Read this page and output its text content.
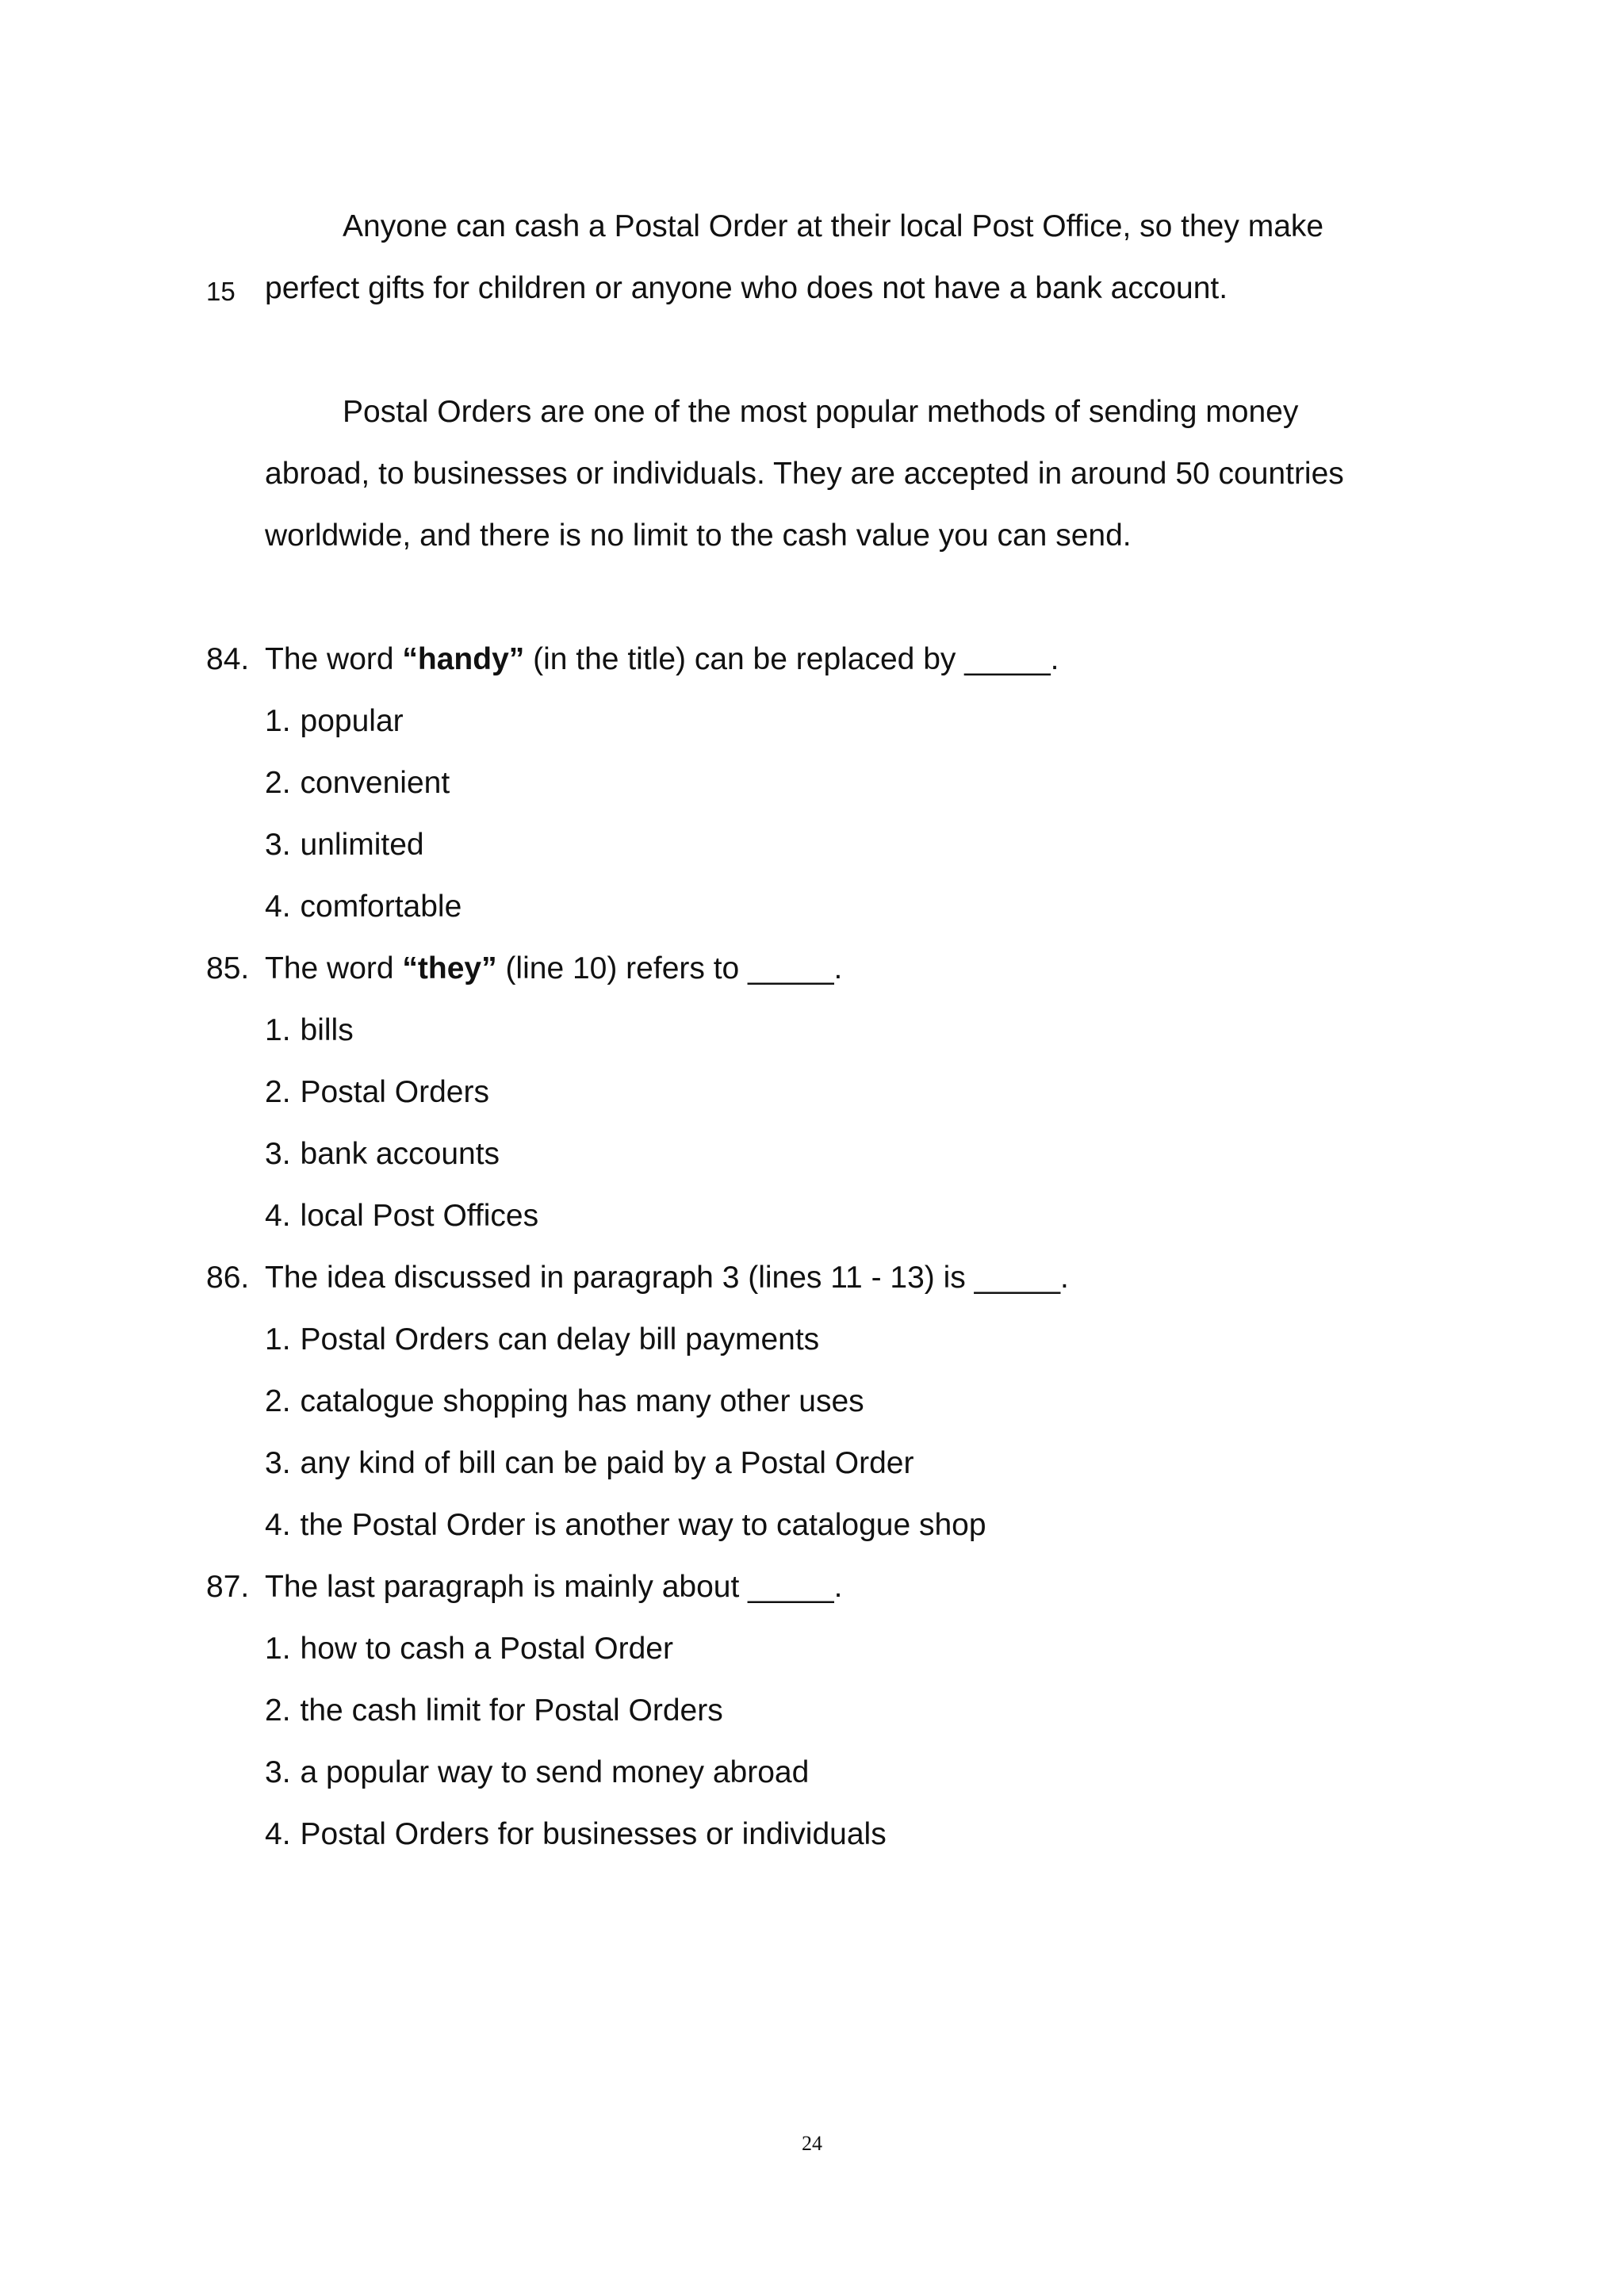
Anyone can cash a Postal Order at their local Post Office, so they make
15 perfect gifts for children or anyone who does not have a bank account.
Postal Orders are one of the most popular methods of sending money
abroad, to businesses or individuals. They are accepted in around 50 countries
worldwide, and there is no limit to the cash value you can send.
84. The word “handy” (in the title) can be replaced by _____.
1. popular
2. convenient
3. unlimited
4. comfortable
85. The word “they” (line 10) refers to _____.
1. bills
2. Postal Orders
3. bank accounts
4. local Post Offices
86. The idea discussed in paragraph 3 (lines 11 - 13) is _____.
1. Postal Orders can delay bill payments
2. catalogue shopping has many other uses
3. any kind of bill can be paid by a Postal Order
4. the Postal Order is another way to catalogue shop
87. The last paragraph is mainly about _____.
1. how to cash a Postal Order
2. the cash limit for Postal Orders
3. a popular way to send money abroad
4. Postal Orders for businesses or individuals
24
